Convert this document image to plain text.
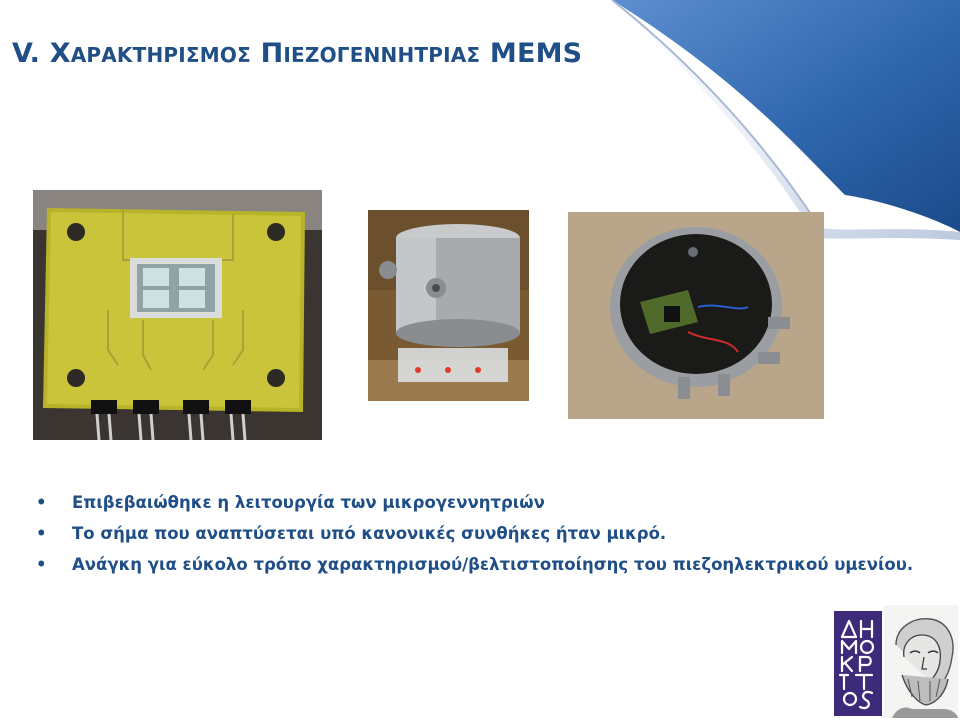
V. ΧΑΡΑΚΤΗΡΙΣΜΟΣ ΠΙΕΖΟΓΕΝΝΗΤΡΙΑΣ MEMS
• Επιβεβαιώθηκε η λειτουργία των μικρογεννητριών
• Το σήμα που αναπτύσεται υπό κανονικές συνθήκες ήταν μικρό.
• Ανάγκη για εύκολο τρόπο χαρακτηρισμού/βελτιστοποίησης του πιεζοηλεκτρικού υμενίου.
